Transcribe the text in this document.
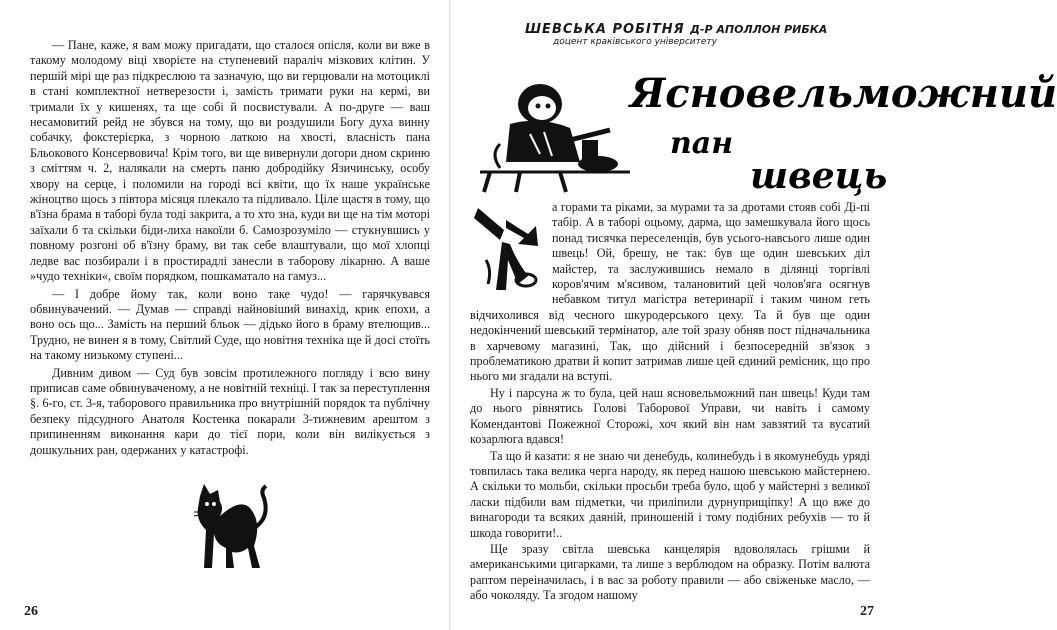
— Пане, каже, я вам можу пригадати, що сталося опісля, коли ви вже в такому молодому віці хворієте на ступеневий параліч мізкових клітин. У першій мірі ще раз підкреслюю та зазначую, що ви герцювали на мотоциклі в стані комплектної нетверезости і, замість тримати руки на кермі, ви тримали їх у кишенях, та ще собі й посвистували. А по-друге — ваш несамовитий рейд не збувся на тому, що ви роздушили Богу духа винну собачку, фокстерієрка, з чорною латкою на хвості, власність пана Бльокового Консервовича! Крім того, ви ще вивернули догори дном скриню з сміттям ч. 2, налякали на смерть паню добродійку Язичинську, особу хвору на серце, і поломили на городі всі квіти, що їх наше українське жіноцтво щось з півтора місяця плекало та підливало. Ціле щастя в тому, що в'їзна брама в таборі була тоді закрита, а то хто зна, куди ви ще на тім моторі заїхали б та скільки біди-лиха накоїли б. Самозрозуміло — стукнувшись у повному розгоні об в'їзну браму, ви так себе влаштували, що мої хлопці ледве вас позбирали і в простирадлі занесли в таборову лікарню. А ваше »чудо техніки«, своїм порядком, пошкаматало на гамуз...

— І добре йому так, коли воно таке чудо! — гарячкувався обвинувачений. — Думав — справді найновіший винахід, крик епохи, а воно ось що... Замість на перший бльок — дідько його в браму втелющив... Трудно, не винен я в тому, Світлий Суде, що новітня техніка ще й досі стоїть на такому низькому ступені...

Дивним дивом — Суд був зовсім протилежного погляду і всю вину приписав саме обвинуваченому, а не новітній техніці. І так за переступлення §. 6-го, ст. 3-я, таборового правильника про внутрішній порядок та публічну безпеку підсудного Анатоля Костенка покарали 3-тижневим арештом з припиненням виконання кари до тієї пори, коли він вилікується з дошкульних ран, одержаних у катастрофі.

26
ШЕВСЬКА РОБІТНЯ Д-Р АПОЛЛОН РИБКА
доцент краківського університету
Ясновельможний
пан
швець

а горами та ріками, за мурами та за дротами стояв собі Ді-пі табір. А в таборі оцьому, дарма, що замешкувала його щось понад тисячка переселенців, був усього-навсього лише один швець! Ой, брешу, не так: був ще один шевських діл майстер, та заслужившись немало в ділянці торгівлі коров'ячим м'ясивом, талановитий цей чолов'яга осягнув небавком титул магістра ветеринарії і таким чином геть відчихолився від чесного шкуродерського цеху. Та й був ще один недокінчений шевський термінатор, але той зразу обняв пост підначальника в харчевому магазині, Так, що дійсний і безпосередній зв'язок з проблематикою дратви й копит затримав лише цей єдиний ремісник, що про нього ми згадали на вступі.

Ну і парсуна ж то була, цей наш ясновельможний пан швець! Куди там до нього рівнятись Голові Таборової Управи, чи навіть і самому Комендантові Пожежної Сторожі, хоч який він нам завзятий та вусатий козарлюга вдався!

Та що й казати: я не знаю чи денебудь, колинебудь і в якомунебудь уряді товпилась така велика черга народу, як перед нашою шевською майстернею. А скільки то мольби, скільки просьби треба було, щоб у майстерні з великої ласки підбили вам підметки, чи приліпили дурнуприщіпку! А що вже до винагороди та всяких даяній, приношеній і тому подібних ребухів — то й шкода говорити!..

Ще зразу світла шевська канцелярія вдоволялась грішми й американськими цигарками, та лише з верблюдом на образку. Потім валюта раптом переіначилась, і в вас за роботу правили — або свіженьке масло, — або чоколяду. Та згодом нашому

27
